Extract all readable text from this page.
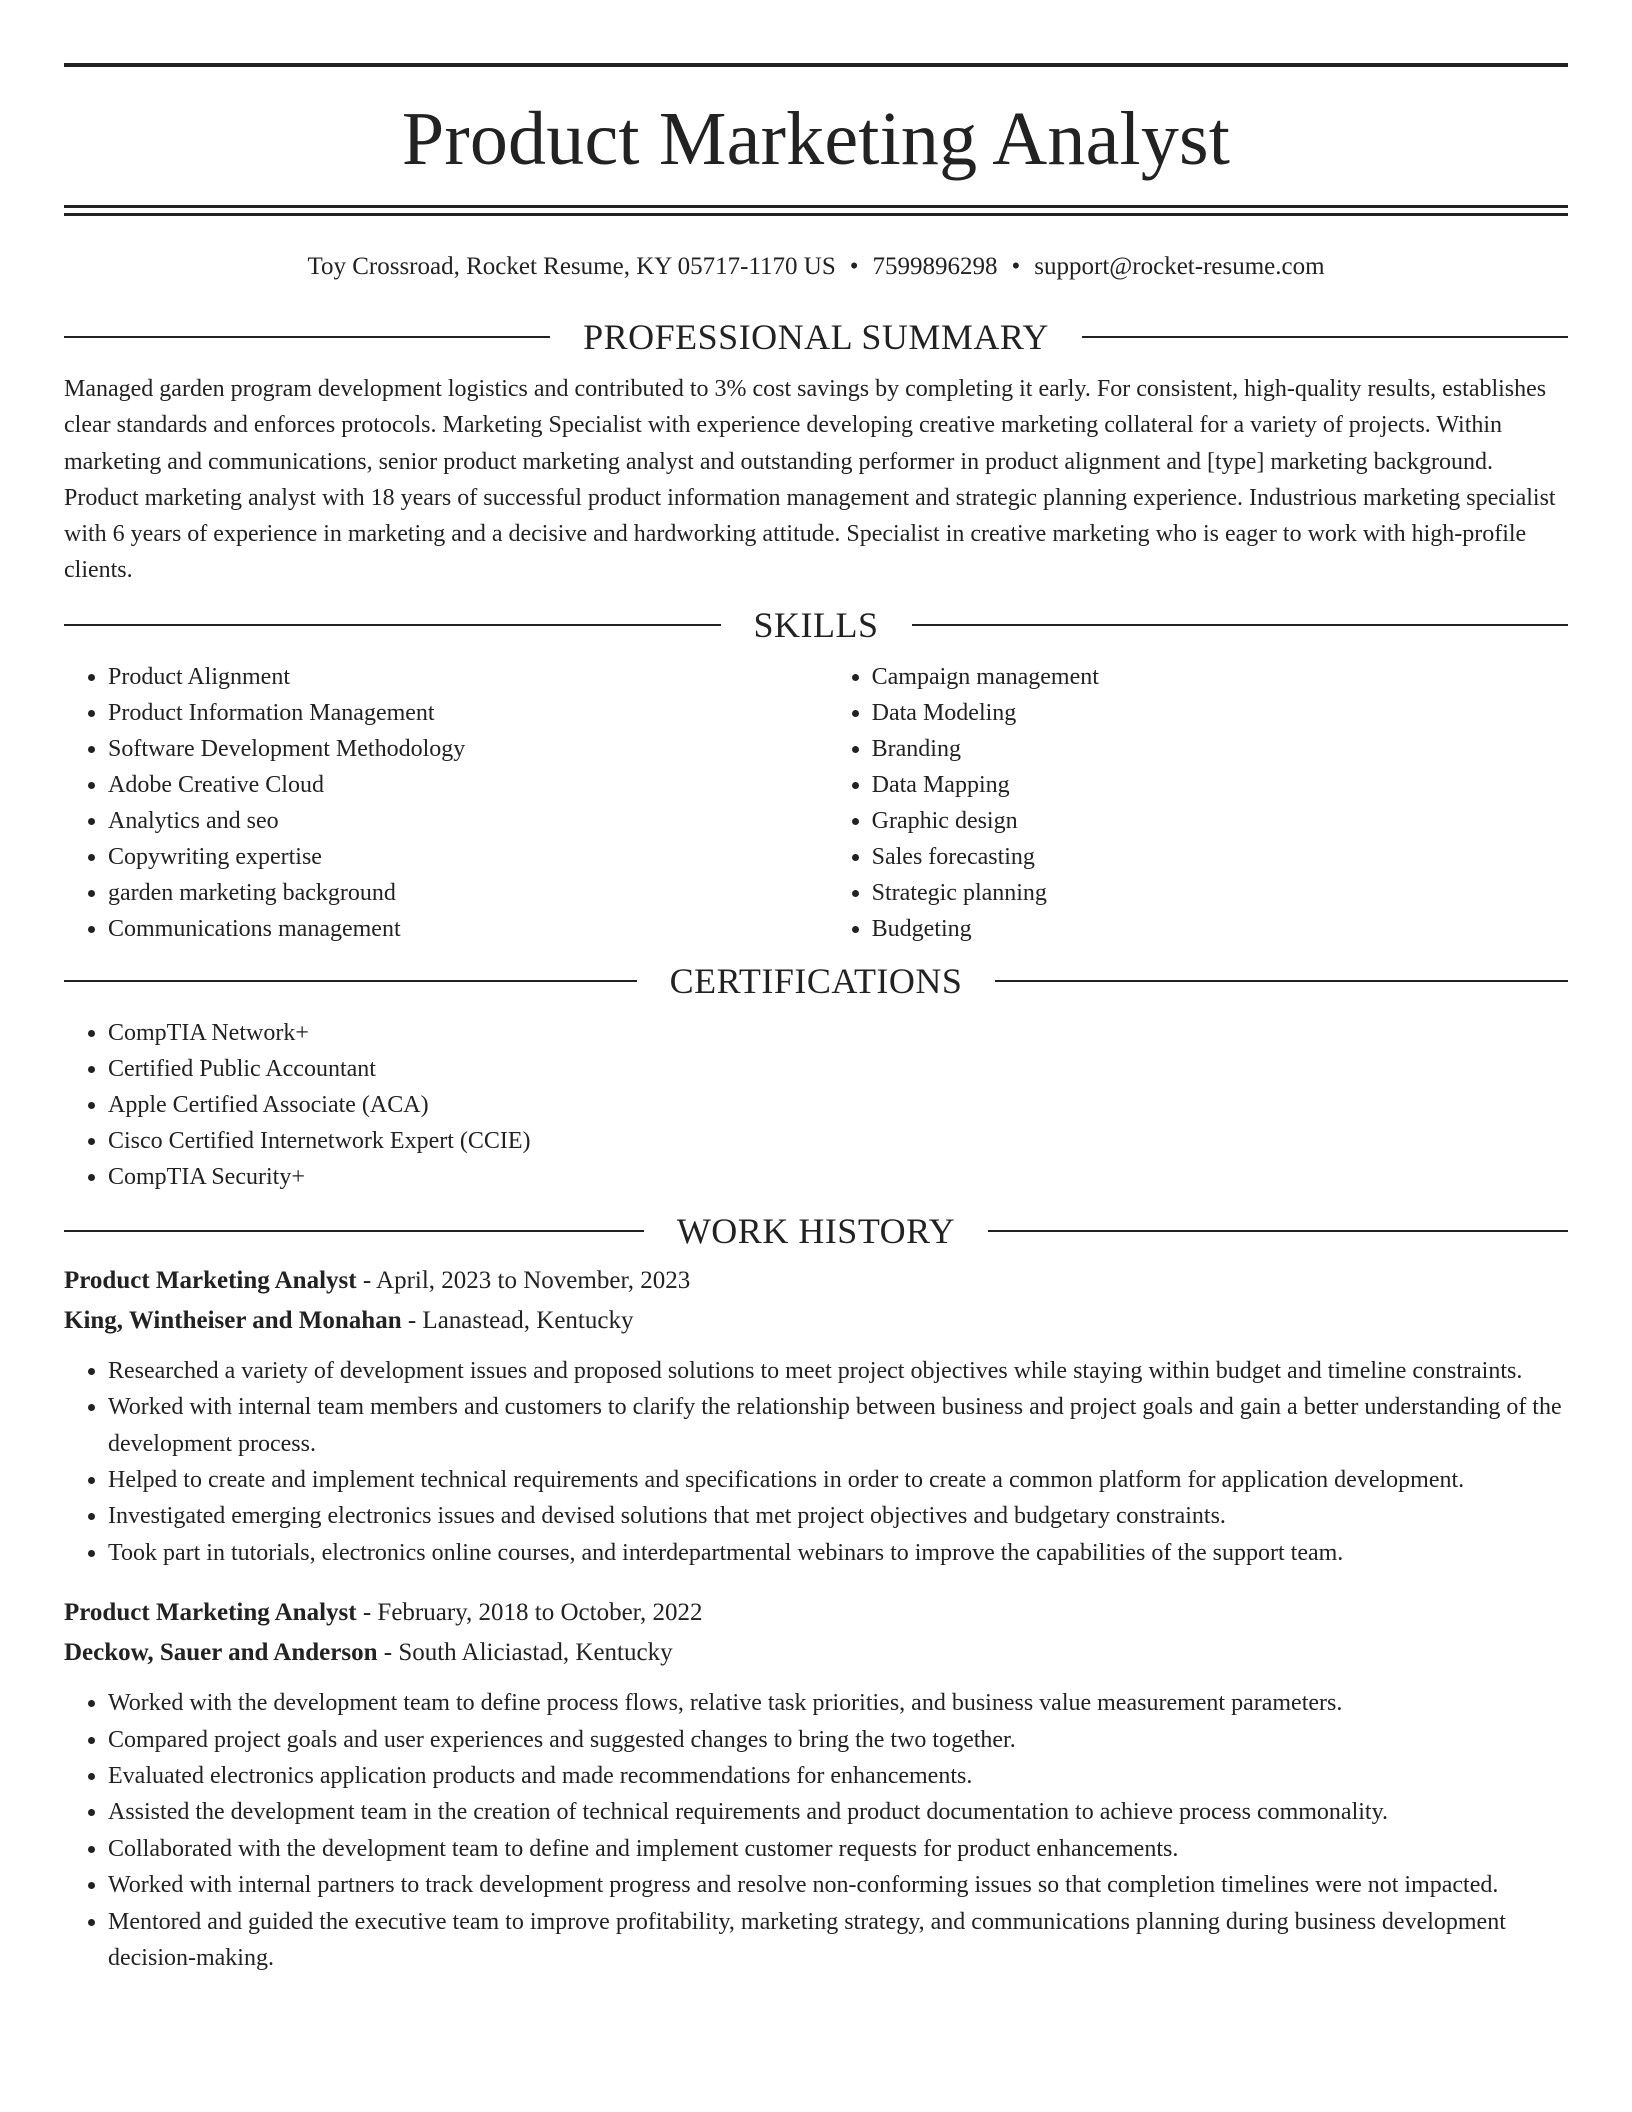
Product Marketing Analyst
Toy Crossroad, Rocket Resume, KY 05717-1170 US • 7599896298 • support@rocket-resume.com
PROFESSIONAL SUMMARY

Managed garden program development logistics and contributed to 3% cost savings by completing it early. For consistent, high-quality results, establishes clear standards and enforces protocols. Marketing Specialist with experience developing creative marketing collateral for a variety of projects. Within marketing and communications, senior product marketing analyst and outstanding performer in product alignment and [type] marketing background. Product marketing analyst with 18 years of successful product information management and strategic planning experience. Industrious marketing specialist with 6 years of experience in marketing and a decisive and hardworking attitude. Specialist in creative marketing who is eager to work with high-profile clients.

SKILLS
• Product Alignment
• Product Information Management
• Software Development Methodology
• Adobe Creative Cloud
• Analytics and seo
• Copywriting expertise
• garden marketing background
• Communications management
• Campaign management
• Data Modeling
• Branding
• Data Mapping
• Graphic design
• Sales forecasting
• Strategic planning
• Budgeting
CERTIFICATIONS
• CompTIA Network+
• Certified Public Accountant
• Apple Certified Associate (ACA)
• Cisco Certified Internetwork Expert (CCIE)
• CompTIA Security+
WORK HISTORY
Product Marketing Analyst - April, 2023 to November, 2023
King, Wintheiser and Monahan - Lanastead, Kentucky
• Researched a variety of development issues and proposed solutions to meet project objectives while staying within budget and timeline constraints.
• Worked with internal team members and customers to clarify the relationship between business and project goals and gain a better understanding of the development process.
• Helped to create and implement technical requirements and specifications in order to create a common platform for application development.
• Investigated emerging electronics issues and devised solutions that met project objectives and budgetary constraints.
• Took part in tutorials, electronics online courses, and interdepartmental webinars to improve the capabilities of the support team.
Product Marketing Analyst - February, 2018 to October, 2022
Deckow, Sauer and Anderson - South Aliciastad, Kentucky
• Worked with the development team to define process flows, relative task priorities, and business value measurement parameters.
• Compared project goals and user experiences and suggested changes to bring the two together.
• Evaluated electronics application products and made recommendations for enhancements.
• Assisted the development team in the creation of technical requirements and product documentation to achieve process commonality.
• Collaborated with the development team to define and implement customer requests for product enhancements.
• Worked with internal partners to track development progress and resolve non-conforming issues so that completion timelines were not impacted.
• Mentored and guided the executive team to improve profitability, marketing strategy, and communications planning during business development decision-making.
